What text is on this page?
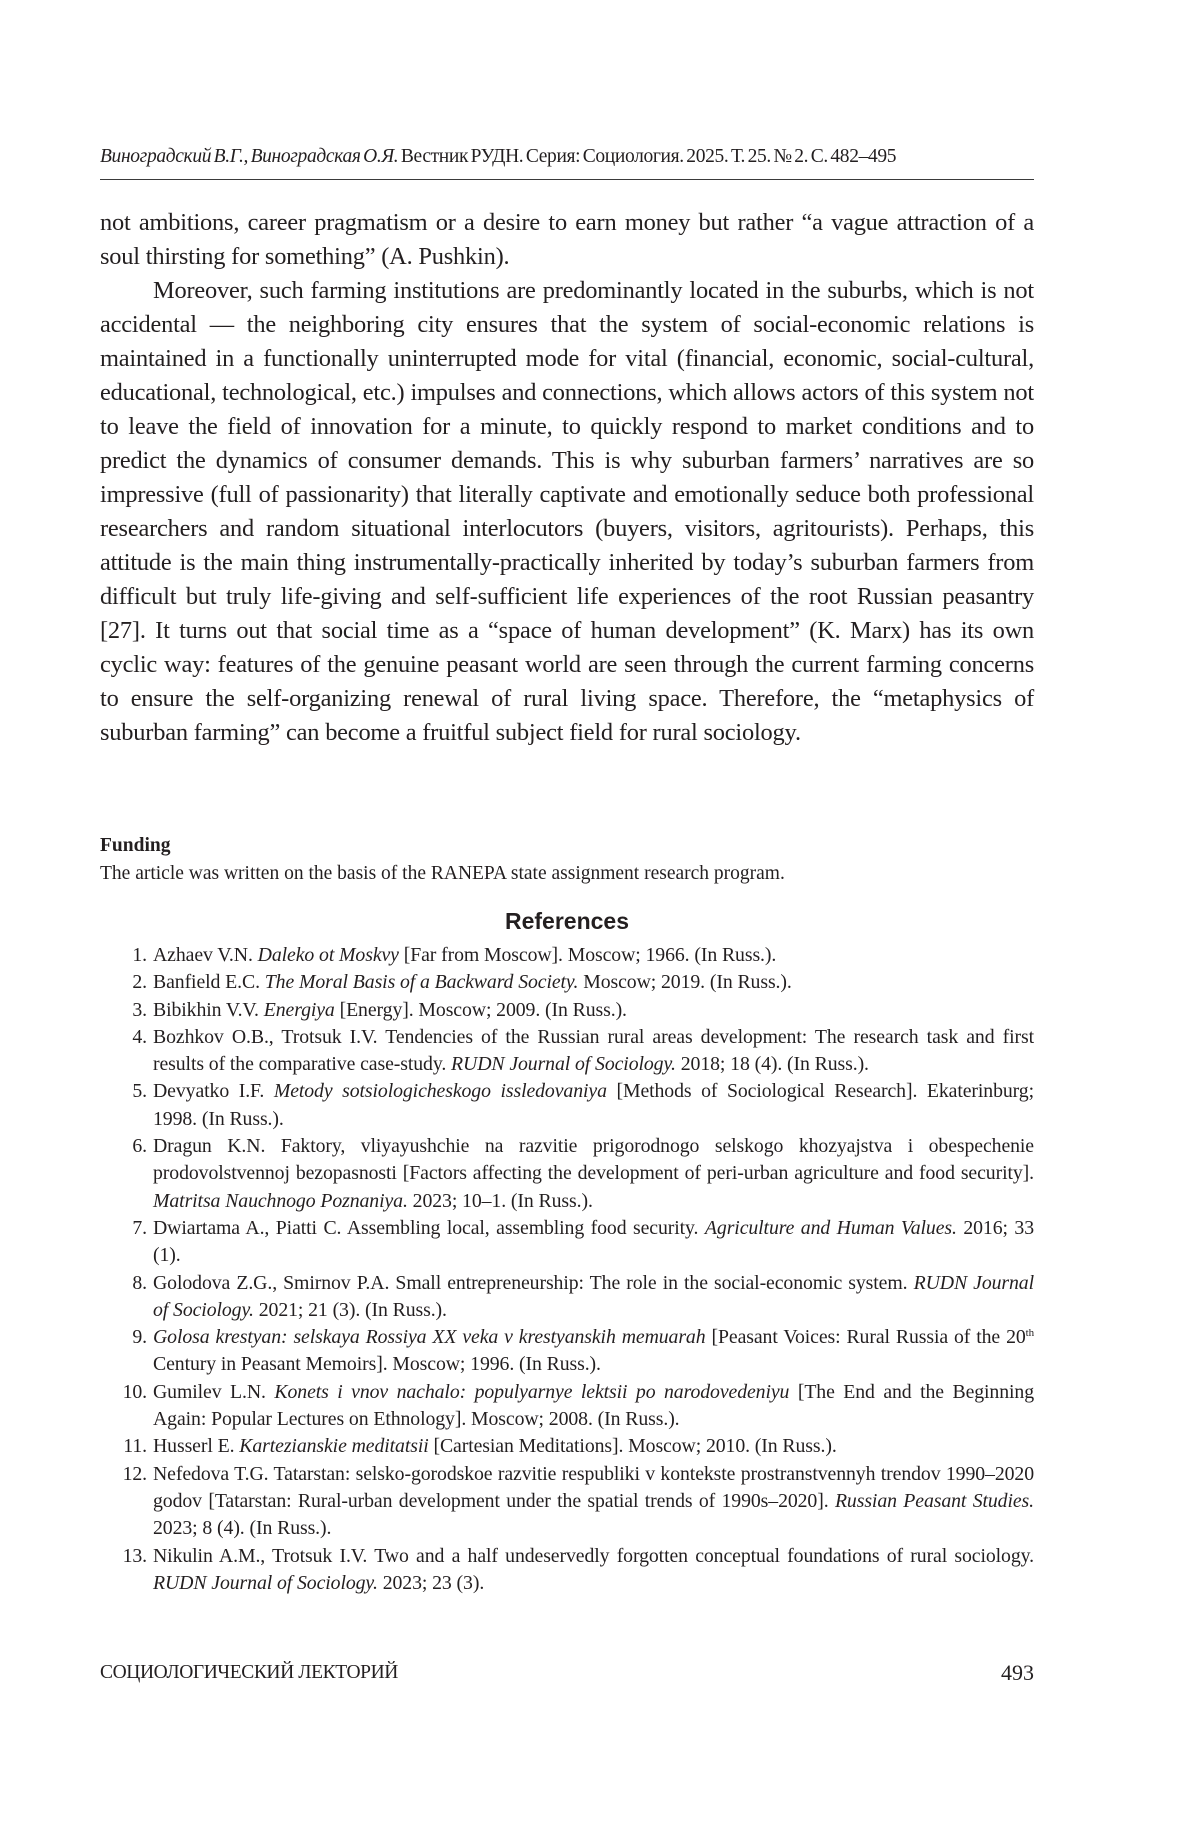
Виноградский В.Г., Виноградская О.Я. Вестник РУДН. Серия: Социология. 2025. Т. 25. № 2. С. 482–495

not ambitions, career pragmatism or a desire to earn money but rather “a vague attraction of a soul thirsting for something” (A. Pushkin).

Moreover, such farming institutions are predominantly located in the suburbs, which is not accidental — the neighboring city ensures that the system of social-economic relations is maintained in a functionally uninterrupted mode for vital (financial, economic, social-cultural, educational, technological, etc.) impulses and connections, which allows actors of this system not to leave the field of innovation for a minute, to quickly respond to market conditions and to predict the dynamics of consumer demands. This is why suburban farmers’ narratives are so impressive (full of passionarity) that literally captivate and emotionally seduce both professional researchers and random situational interlocutors (buyers, visitors, agritourists). Perhaps, this attitude is the main thing instrumentally-practically inherited by today’s suburban farmers from difficult but truly life-giving and self-sufficient life experiences of the root Russian peasantry [27]. It turns out that social time as a “space of human development” (K. Marx) has its own cyclic way: features of the genuine peasant world are seen through the current farming concerns to ensure the self-organizing renewal of rural living space. Therefore, the “metaphysics of suburban farming” can become a fruitful subject field for rural sociology.

Funding
The article was written on the basis of the RANEPA state assignment research program.
References
1. Azhaev V.N. Daleko ot Moskvy [Far from Moscow]. Moscow; 1966. (In Russ.).
2. Banfield E.C. The Moral Basis of a Backward Society. Moscow; 2019. (In Russ.).
3. Bibikhin V.V. Energiya [Energy]. Moscow; 2009. (In Russ.).
4. Bozhkov O.B., Trotsuk I.V. Tendencies of the Russian rural areas development: The research task and first results of the comparative case-study. RUDN Journal of Sociology. 2018; 18 (4). (In Russ.).
5. Devyatko I.F. Metody sotsiologicheskogo issledovaniya [Methods of Sociological Research]. Ekaterinburg; 1998. (In Russ.).
6. Dragun K.N. Faktory, vliyayushchie na razvitie prigorodnogo selskogo khozyajstva i obespechenie prodovolstvennoj bezopasnosti [Factors affecting the development of peri-urban agriculture and food security]. Matritsa Nauchnogo Poznaniya. 2023; 10–1. (In Russ.).
7. Dwiartama A., Piatti C. Assembling local, assembling food security. Agriculture and Human Values. 2016; 33 (1).
8. Golodova Z.G., Smirnov P.A. Small entrepreneurship: The role in the social-economic system. RUDN Journal of Sociology. 2021; 21 (3). (In Russ.).
9. Golosa krestyan: selskaya Rossiya XX veka v krestyanskih memuarah [Peasant Voices: Rural Russia of the 20th Century in Peasant Memoirs]. Moscow; 1996. (In Russ.).
10. Gumilev L.N. Konets i vnov nachalo: populyarnye lektsii po narodovedeniyu [The End and the Beginning Again: Popular Lectures on Ethnology]. Moscow; 2008. (In Russ.).
11. Husserl E. Kartezianskie meditatsii [Cartesian Meditations]. Moscow; 2010. (In Russ.).
12. Nefedova T.G. Tatarstan: selsko-gorodskoe razvitie respubliki v kontekste prostranstvennyh trendov 1990–2020 godov [Tatarstan: Rural-urban development under the spatial trends of 1990s–2020]. Russian Peasant Studies. 2023; 8 (4). (In Russ.).
13. Nikulin A.M., Trotsuk I.V. Two and a half undeservedly forgotten conceptual foundations of rural sociology. RUDN Journal of Sociology. 2023; 23 (3).
СОЦИОЛОГИЧЕСКИЙ ЛЕКТОРИЙ	493
